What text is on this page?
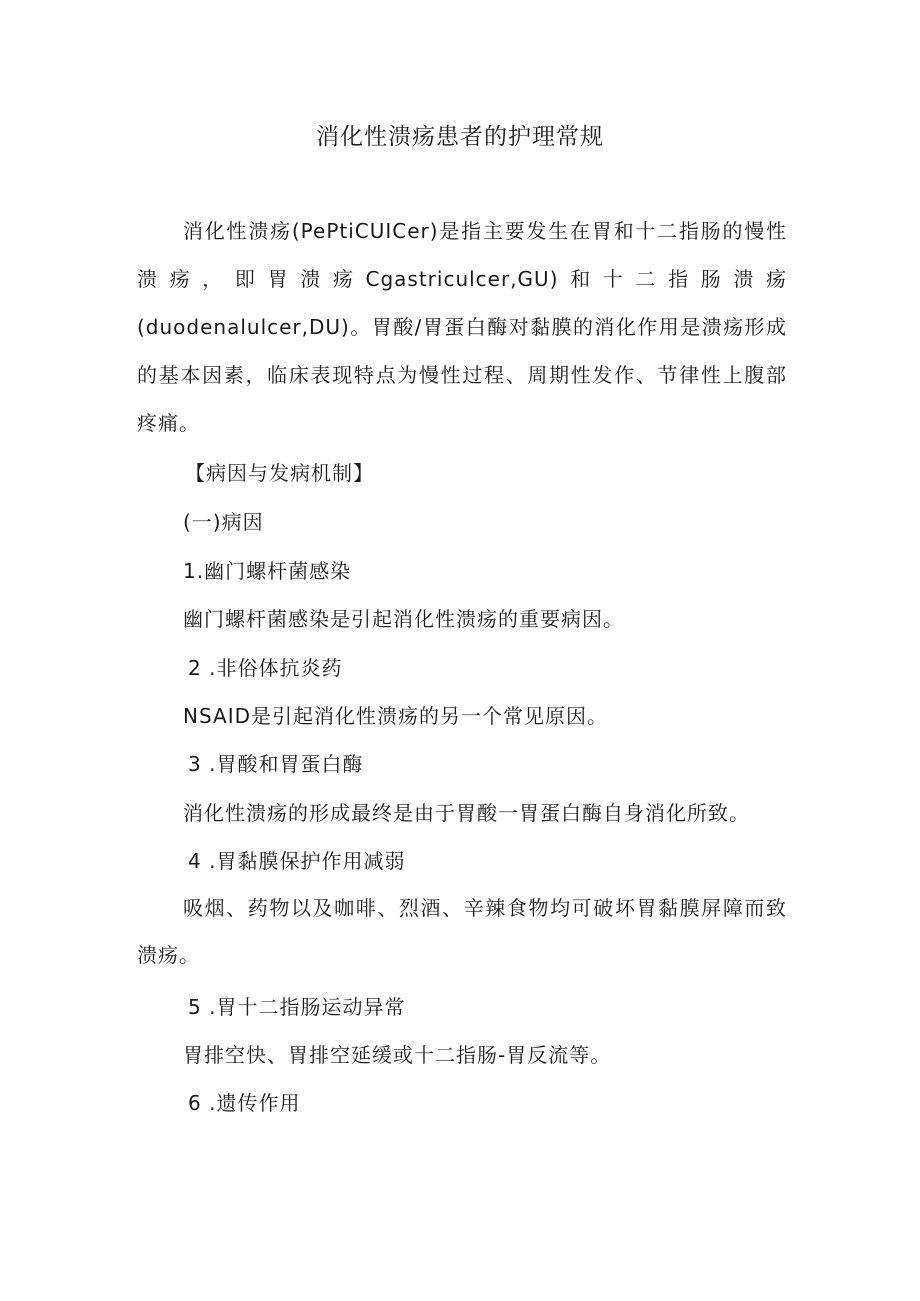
消化性溃疡患者的护理常规

消化性溃疡(PePtiCUICer)是指主要发生在胃和十二指肠的慢性溃疡，即胃溃疡Cgastriculcer,GU)和十二指肠溃疡(duodenalulcer,DU)。胃酸/胃蛋白酶对黏膜的消化作用是溃疡形成的基本因素，临床表现特点为慢性过程、周期性发作、节律性上腹部疼痛。

【病因与发病机制】
(一)病因
1.幽门螺杆菌感染
幽门螺杆菌感染是引起消化性溃疡的重要病因。
2 .非俗体抗炎药
NSAID是引起消化性溃疡的另一个常见原因。
3 .胃酸和胃蛋白酶
消化性溃疡的形成最终是由于胃酸一胃蛋白酶自身消化所致。
4 .胃黏膜保护作用减弱

吸烟、药物以及咖啡、烈酒、辛辣食物均可破坏胃黏膜屏障而致溃疡。

5 .胃十二指肠运动异常
胃排空快、胃排空延缓或十二指肠-胃反流等。
6 .遗传作用
